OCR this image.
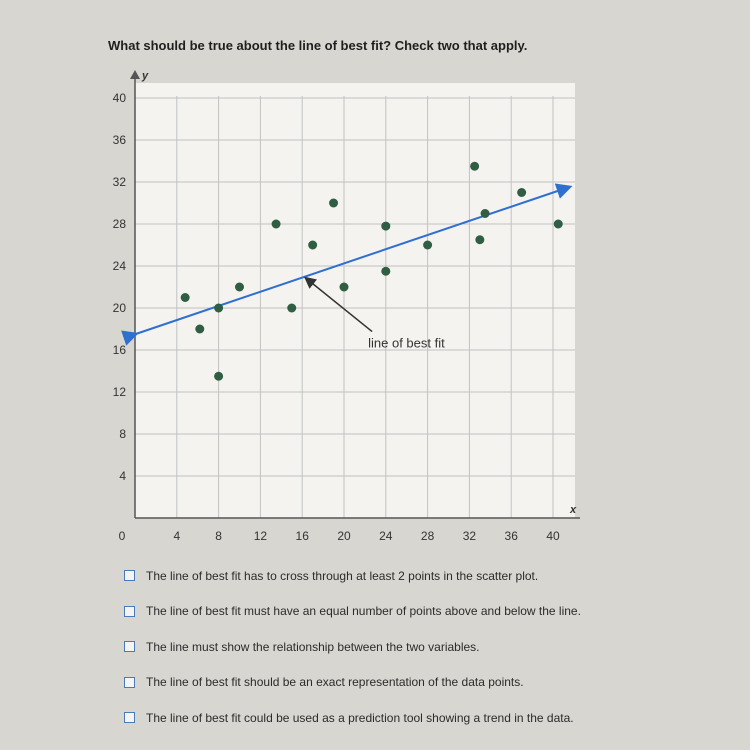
What should be true about the line of best fit? Check two that apply.
y
x
4	8	12 16 20 24 28 32 36 40
4
8
12
16
20
24
28
32
36
40
0
line of best fit
The line of best fit has to cross through at least 2 points in the scatter plot.
The line of best fit must have an equal number of points above and below the line.
The line must show the relationship between the two variables.
The line of best fit should be an exact representation of the data points.
The line of best fit could be used as a prediction tool showing a trend in the data.
